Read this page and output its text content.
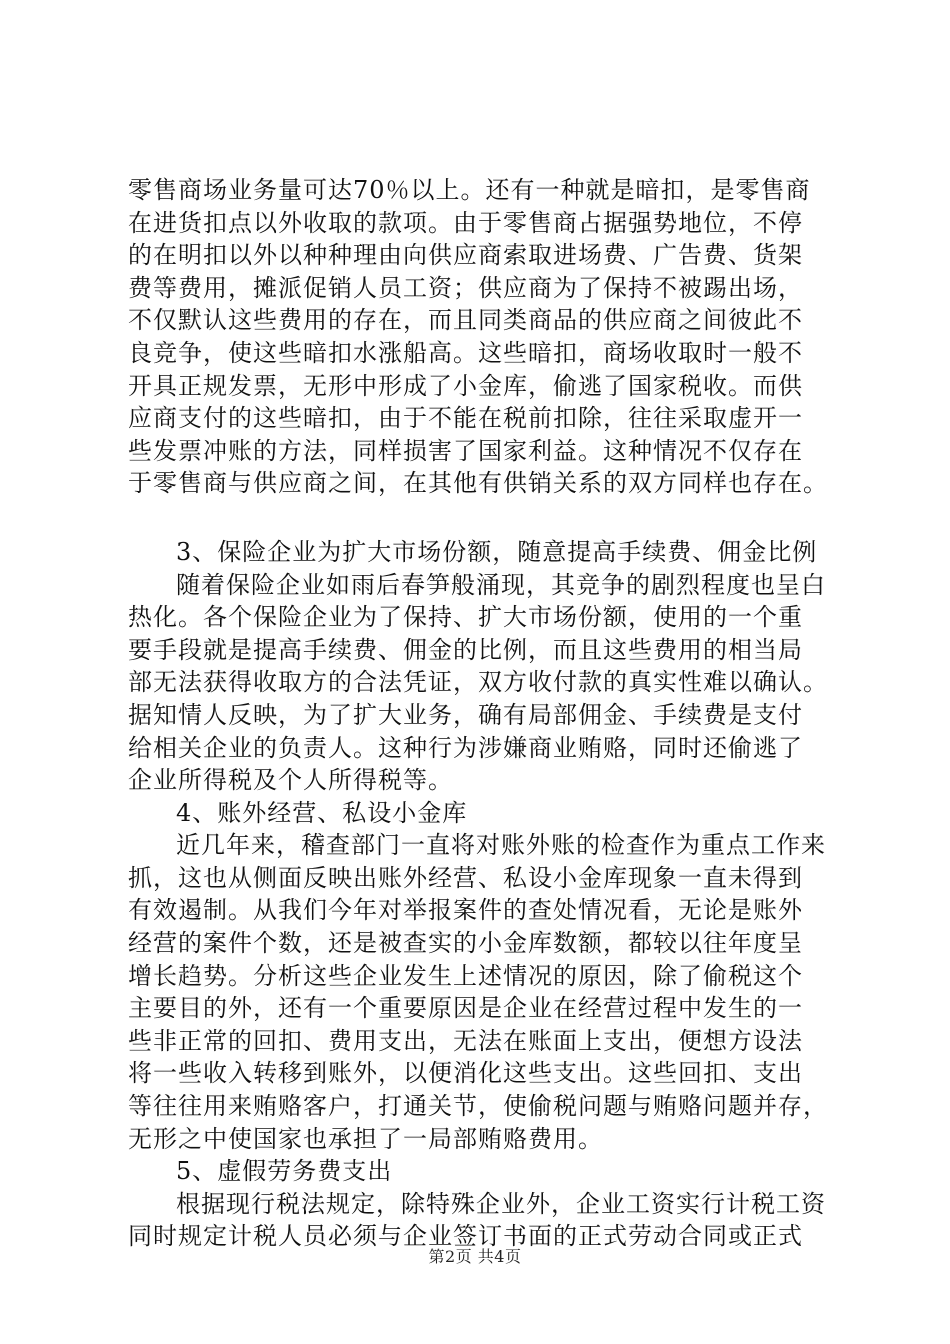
零售商场业务量可达70％以上。还有一种就是暗扣，是零售商
在进货扣点以外收取的款项。由于零售商占据强势地位，不停
的在明扣以外以种种理由向供应商索取进场费、广告费、货架
费等费用，摊派促销人员工资；供应商为了保持不被踢出场，
不仅默认这些费用的存在，而且同类商品的供应商之间彼此不
良竞争，使这些暗扣水涨船高。这些暗扣，商场收取时一般不
开具正规发票，无形中形成了小金库，偷逃了国家税收。而供
应商支付的这些暗扣，由于不能在税前扣除，往往采取虚开一
些发票冲账的方法，同样损害了国家利益。这种情况不仅存在
于零售商与供应商之间，在其他有供销关系的双方同样也存在。
3、保险企业为扩大市场份额，随意提高手续费、佣金比例
随着保险企业如雨后春笋般涌现，其竞争的剧烈程度也呈白
热化。各个保险企业为了保持、扩大市场份额，使用的一个重
要手段就是提高手续费、佣金的比例，而且这些费用的相当局
部无法获得收取方的合法凭证，双方收付款的真实性难以确认。
据知情人反映，为了扩大业务，确有局部佣金、手续费是支付
给相关企业的负责人。这种行为涉嫌商业贿赂，同时还偷逃了
企业所得税及个人所得税等。
4、账外经营、私设小金库
近几年来，稽查部门一直将对账外账的检查作为重点工作来
抓，这也从侧面反映出账外经营、私设小金库现象一直未得到
有效遏制。从我们今年对举报案件的查处情况看，无论是账外
经营的案件个数，还是被查实的小金库数额，都较以往年度呈
增长趋势。分析这些企业发生上述情况的原因，除了偷税这个
主要目的外，还有一个重要原因是企业在经营过程中发生的一
些非正常的回扣、费用支出，无法在账面上支出，便想方设法
将一些收入转移到账外，以便消化这些支出。这些回扣、支出
等往往用来贿赂客户，打通关节，使偷税问题与贿赂问题并存，
无形之中使国家也承担了一局部贿赂费用。
5、虚假劳务费支出
根据现行税法规定，除特殊企业外，企业工资实行计税工资
同时规定计税人员必须与企业签订书面的正式劳动合同或正式
第2页 共4页
